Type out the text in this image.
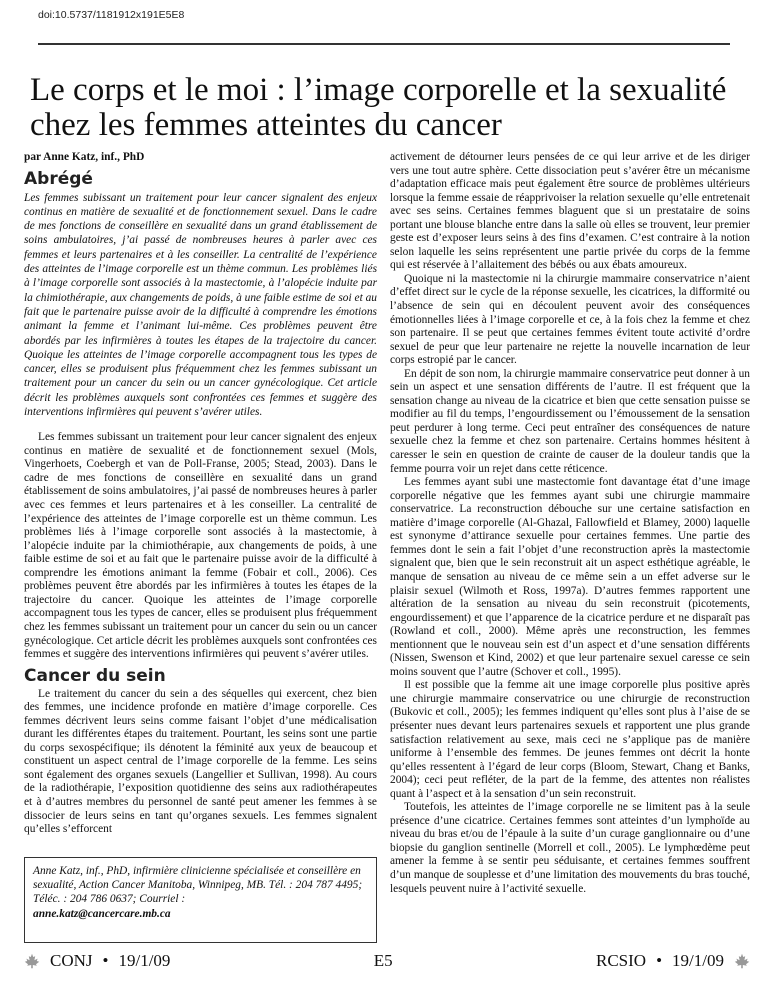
doi:10.5737/1181912x191E5E8
Le corps et le moi : l’image corporelle et la sexualité chez les femmes atteintes du cancer
par Anne Katz, inf., PhD
Abrégé

Les femmes subissant un traitement pour leur cancer signalent des enjeux continus en matière de sexualité et de fonctionnement sexuel. Dans le cadre de mes fonctions de conseillère en sexualité dans un grand établissement de soins ambulatoires, j’ai passé de nombreuses heures à parler avec ces femmes et leurs partenaires et à les conseiller. La centralité de l’expérience des atteintes de l’image corporelle est un thème commun. Les problèmes liés à l’image corporelle sont associés à la mastectomie, à l’alopécie induite par la chimiothérapie, aux changements de poids, à une faible estime de soi et au fait que le partenaire puisse avoir de la difficulté à comprendre les émotions animant la femme et l’animant lui-même. Ces problèmes peuvent être abordés par les infirmières à toutes les étapes de la trajectoire du cancer. Quoique les atteintes de l’image corporelle accompagnent tous les types de cancer, elles se produisent plus fréquemment chez les femmes subissant un traitement pour un cancer du sein ou un cancer gynécologique. Cet article décrit les problèmes auxquels sont confrontées ces femmes et suggère des interventions infirmières qui peuvent s’avérer utiles.

Les femmes subissant un traitement pour leur cancer signalent des enjeux continus en matière de sexualité et de fonctionnement sexuel (Mols, Vingerhoets, Coebergh et van de Poll-Franse, 2005; Stead, 2003). Dans le cadre de mes fonctions de conseillère en sexualité dans un grand établissement de soins ambulatoires, j’ai passé de nombreuses heures à parler avec ces femmes et leurs partenaires et à les conseiller. La centralité de l’expérience des atteintes de l’image corporelle est un thème commun. Les problèmes liés à l’image corporelle sont associés à la mastectomie, à l’alopécie induite par la chimiothérapie, aux changements de poids, à une faible estime de soi et au fait que le partenaire puisse avoir de la difficulté à comprendre les émotions animant la femme (Fobair et coll., 2006). Ces problèmes peuvent être abordés par les infirmières à toutes les étapes de la trajectoire du cancer. Quoique les atteintes de l’image corporelle accompagnent tous les types de cancer, elles se produisent plus fréquemment chez les femmes subissant un traitement pour un cancer du sein ou un cancer gynécologique. Cet article décrit les problèmes auxquels sont confrontées ces femmes et suggère des interventions infirmières qui peuvent s’avérer utiles.

Cancer du sein

Le traitement du cancer du sein a des séquelles qui exercent, chez bien des femmes, une incidence profonde en matière d’image corporelle. Ces femmes décrivent leurs seins comme faisant l’objet d’une médicalisation durant les différentes étapes du traitement. Pourtant, les seins sont une partie du corps sexospécifique; ils dénotent la féminité aux yeux de beaucoup et constituent un aspect central de l’image corporelle de la femme. Les seins sont également des organes sexuels (Langellier et Sullivan, 1998). Au cours de la radiothérapie, l’exposition quotidienne des seins aux radiothérapeutes et à d’autres membres du personnel de santé peut amener les femmes à se dissocier de leurs seins en tant qu’organes sexuels. Les femmes signalent qu’elles s’efforcent

Anne Katz, inf., PhD, infirmière clinicienne spécialisée et conseillère en sexualité, Action Cancer Manitoba, Winnipeg, MB. Tél. : 204 787 4495; Téléc. : 204 786 0637; Courriel :
anne.katz@cancercare.mb.ca

activement de détourner leurs pensées de ce qui leur arrive et de les diriger vers une tout autre sphère. Cette dissociation peut s’avérer être un mécanisme d’adaptation efficace mais peut également être source de problèmes ultérieurs lorsque la femme essaie de réapprivoiser la relation sexuelle qu’elle entretenait avec ses seins. Certaines femmes blaguent que si un prestataire de soins portant une blouse blanche entre dans la salle où elles se trouvent, leur premier geste est d’exposer leurs seins à des fins d’examen. C’est contraire à la notion selon laquelle les seins représentent une partie privée du corps de la femme qui est réservée à l’allaitement des bébés ou aux ébats amoureux.

Quoique ni la mastectomie ni la chirurgie mammaire conservatrice n’aient d’effet direct sur le cycle de la réponse sexuelle, les cicatrices, la difformité ou l’absence de sein qui en découlent peuvent avoir des conséquences émotionnelles liées à l’image corporelle et ce, à la fois chez la femme et chez son partenaire. Il se peut que certaines femmes évitent toute activité d’ordre sexuel de peur que leur partenaire ne rejette la nouvelle incarnation de leur corps estropié par le cancer.

En dépit de son nom, la chirurgie mammaire conservatrice peut donner à un sein un aspect et une sensation différents de l’autre. Il est fréquent que la sensation change au niveau de la cicatrice et bien que cette sensation puisse se modifier au fil du temps, l’engourdissement ou l’émoussement de la sensation peut perdurer à long terme. Ceci peut entraîner des conséquences de nature sexuelle chez la femme et chez son partenaire. Certains hommes hésitent à caresser le sein en question de crainte de causer de la douleur tandis que la femme pourra voir un rejet dans cette réticence.

Les femmes ayant subi une mastectomie font davantage état d’une image corporelle négative que les femmes ayant subi une chirurgie mammaire conservatrice. La reconstruction débouche sur une certaine satisfaction en matière d’image corporelle (Al-Ghazal, Fallowfield et Blamey, 2000) laquelle est synonyme d’attirance sexuelle pour certaines femmes. Une partie des femmes dont le sein a fait l’objet d’une reconstruction après la mastectomie signalent que, bien que le sein reconstruit ait un aspect esthétique agréable, le manque de sensation au niveau de ce même sein a un effet adverse sur le plaisir sexuel (Wilmoth et Ross, 1997a). D’autres femmes rapportent une altération de la sensation au niveau du sein reconstruit (picotements, engourdissement) et que l’apparence de la cicatrice perdure et ne disparaît pas (Rowland et coll., 2000). Même après une reconstruction, les femmes mentionnent que le nouveau sein est d’un aspect et d’une sensation différents (Nissen, Swenson et Kind, 2002) et que leur partenaire sexuel caresse ce sein moins souvent que l’autre (Schover et coll., 1995).

Il est possible que la femme ait une image corporelle plus positive après une chirurgie mammaire conservatrice ou une chirurgie de reconstruction (Bukovic et coll., 2005); les femmes indiquent qu’elles sont plus à l’aise de se présenter nues devant leurs partenaires sexuels et rapportent une plus grande satisfaction relativement au sexe, mais ceci ne s’applique pas de manière uniforme à l’ensemble des femmes. De jeunes femmes ont décrit la honte qu’elles ressentent à l’égard de leur corps (Bloom, Stewart, Chang et Banks, 2004); ceci peut refléter, de la part de la femme, des attentes non réalistes quant à l’aspect et à la sensation d’un sein reconstruit.

Toutefois, les atteintes de l’image corporelle ne se limitent pas à la seule présence d’une cicatrice. Certaines femmes sont atteintes d’un lymphoïde au niveau du bras et/ou de l’épaule à la suite d’un curage ganglionnaire ou d’une biopsie du ganglion sentinelle (Morrell et coll., 2005). Le lymphœdème peut amener la femme à se sentir peu séduisante, et certaines femmes souffrent d’un manque de souplesse et d’une limitation des mouvements du bras touché, lesquels peuvent nuire à l’activité sexuelle.

CONJ • 19/1/09	E5	RCSIO • 19/1/09
